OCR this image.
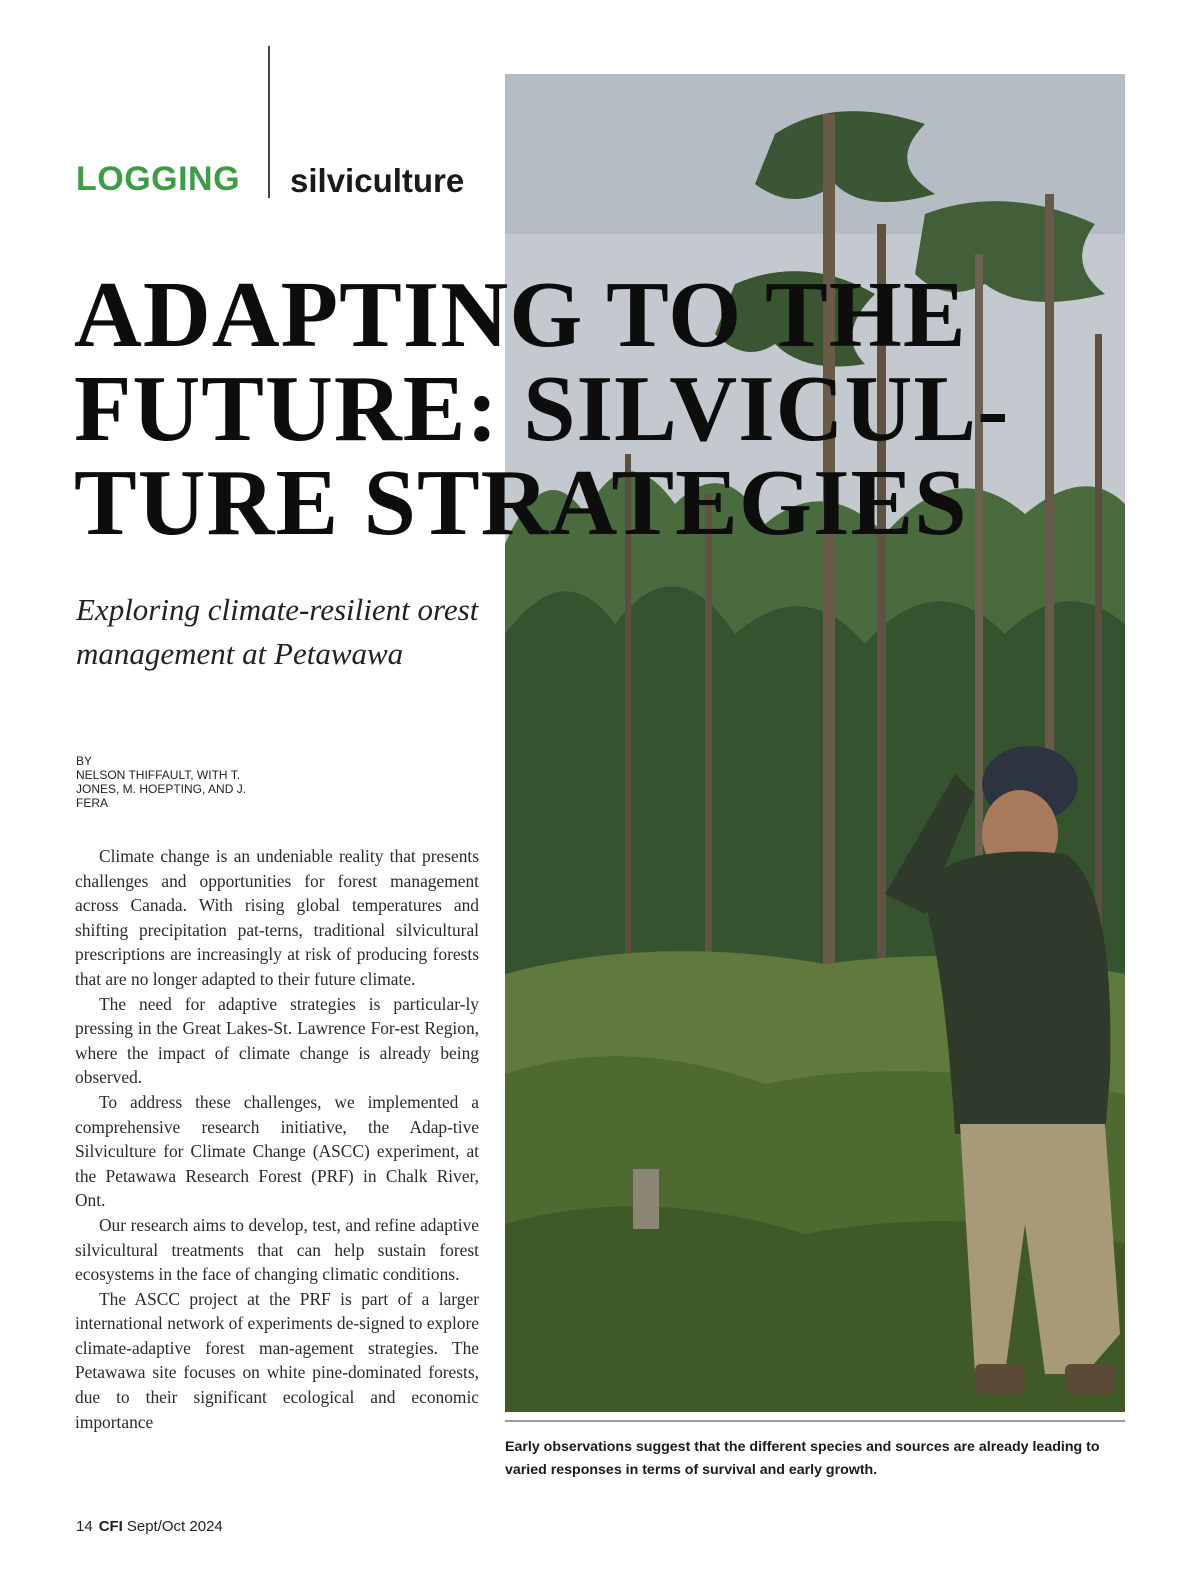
LOGGING silviculture
ADAPTING TO THE
FUTURE: SILVICUL-
TURE STRATEGIES
Exploring climate-resilient orest management at Petawawa
BY
NELSON THIFFAULT, WITH T. JONES, M. HOEPTING, AND J. FERA

Climate change is an undeniable reality that presents challenges and opportunities for forest management across Canada. With rising global temperatures and shifting precipitation pat-terns, traditional silvicultural prescriptions are increasingly at risk of producing forests that are no longer adapted to their future climate.

The need for adaptive strategies is particular-ly pressing in the Great Lakes-St. Lawrence For-est Region, where the impact of climate change is already being observed.

To address these challenges, we implemented a comprehensive research initiative, the Adap-tive Silviculture for Climate Change (ASCC) experiment, at the Petawawa Research Forest (PRF) in Chalk River, Ont.

Our research aims to develop, test, and refine adaptive silvicultural treatments that can help sustain forest ecosystems in the face of changing climatic conditions.

The ASCC project at the PRF is part of a larger international network of experiments de-signed to explore climate-adaptive forest man-agement strategies. The Petawawa site focuses on white pine-dominated forests, due to their significant ecological and economic importance

Early observations suggest that the different species and sources are already leading to varied responses in terms of survival and early growth.
14 CFI Sept/Oct 2024
